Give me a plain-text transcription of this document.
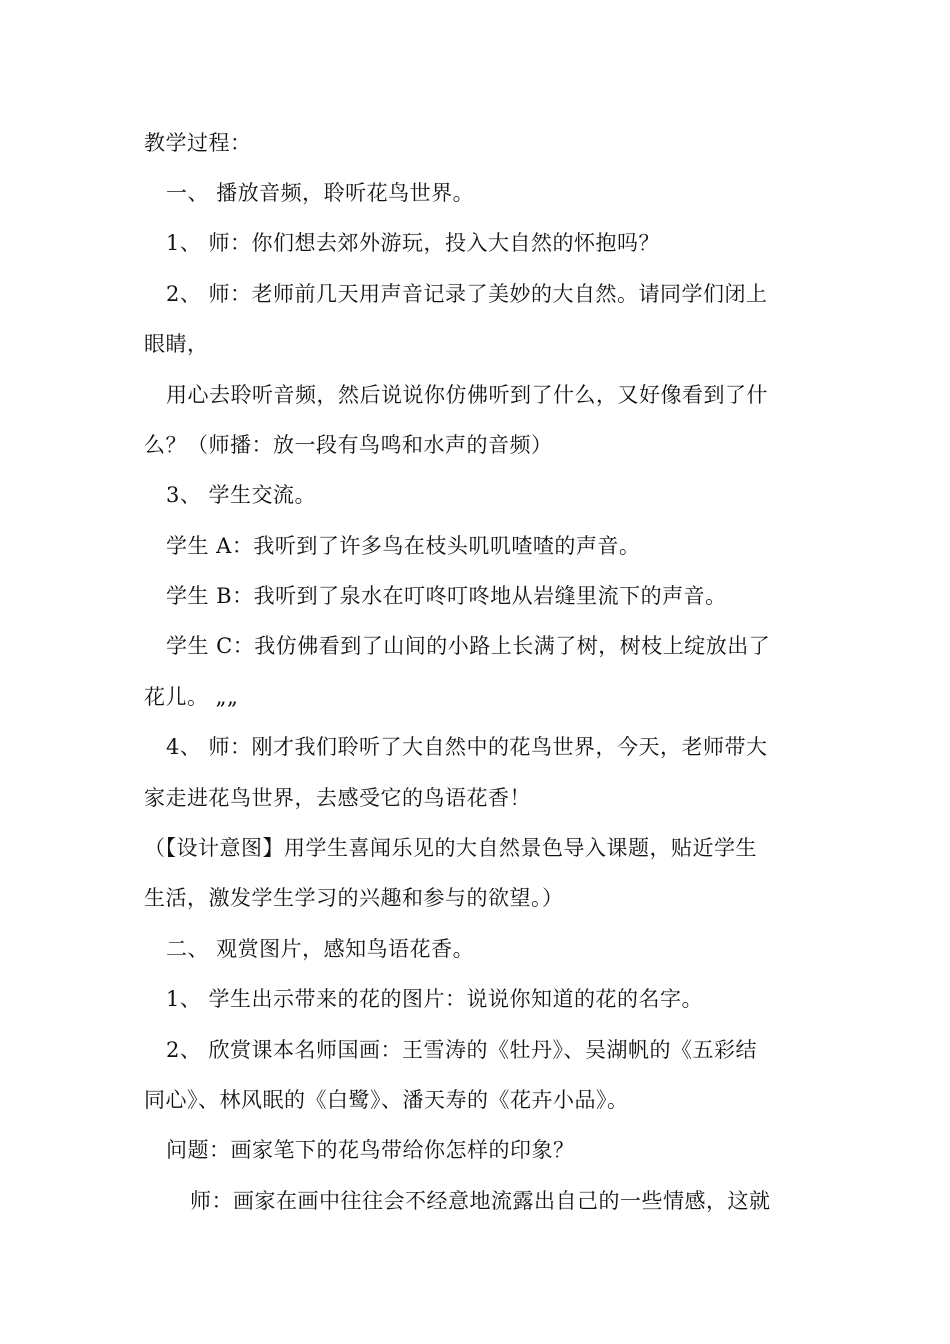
教学过程：
一、 播放音频，聆听花鸟世界。
1、 师：你们想去郊外游玩，投入大自然的怀抱吗？
2、 师：老师前几天用声音记录了美妙的大自然。请同学们闭上
眼睛，
用心去聆听音频，然后说说你仿佛听到了什么，又好像看到了什
么？（师播：放一段有鸟鸣和水声的音频）
3、 学生交流。
学生 A：我听到了许多鸟在枝头叽叽喳喳的声音。
学生 B：我听到了泉水在叮咚叮咚地从岩缝里流下的声音。
学生 C：我仿佛看到了山间的小路上长满了树，树枝上绽放出了
花儿。 „„
4、 师：刚才我们聆听了大自然中的花鸟世界，今天，老师带大
家走进花鸟世界，去感受它的鸟语花香！
（【设计意图】用学生喜闻乐见的大自然景色导入课题，贴近学生
生活，激发学生学习的兴趣和参与的欲望。）
二、 观赏图片，感知鸟语花香。
1、 学生出示带来的花的图片：说说你知道的花的名字。
2、 欣赏课本名师国画：王雪涛的《牡丹》、吴湖帆的《五彩结
同心》、林风眠的《白鹭》、潘天寿的《花卉小品》。
问题：画家笔下的花鸟带给你怎样的印象？
师：画家在画中往往会不经意地流露出自己的一些情感，这就
